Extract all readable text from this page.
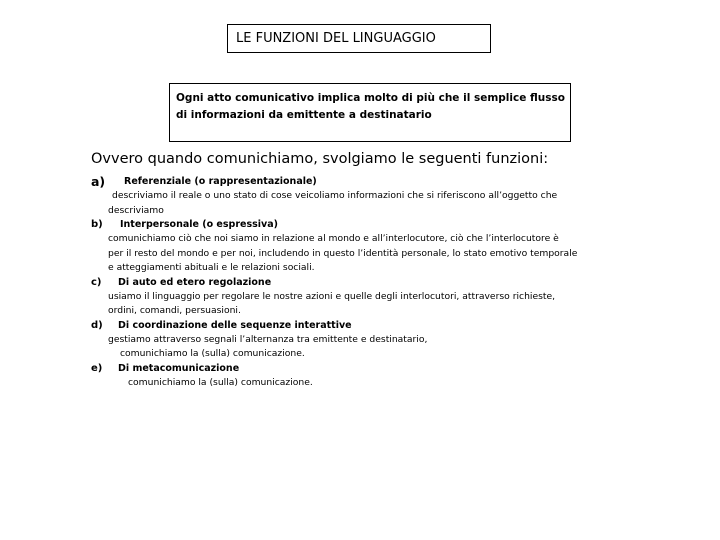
LE FUNZIONI DEL LINGUAGGIO
Ogni atto comunicativo implica molto di più che il semplice flusso
di informazioni da emittente a destinatario
Ovvero quando comunichiamo, svolgiamo le seguenti funzioni:
a) Referenziale (o rappresentazionale)
descriviamo il reale o uno stato di cose veicoliamo informazioni che si riferiscono all’oggetto che
descriviamo
b) Interpersonale (o espressiva)
comunichiamo ciò che noi siamo in relazione al mondo e all’interlocutore, ciò che l’interlocutore è
per il resto del mondo e per noi, includendo in questo l’identità personale, lo stato emotivo temporale
e atteggiamenti abituali e le relazioni sociali.
c) Di auto ed etero regolazione
usiamo il linguaggio per regolare le nostre azioni e quelle degli interlocutori, attraverso richieste,
ordini, comandi, persuasioni.
d) Di coordinazione delle sequenze interattive
gestiamo attraverso segnali l’alternanza tra emittente e destinatario,
comunichiamo la (sulla) comunicazione.
e) Di metacomunicazione
comunichiamo la (sulla) comunicazione.
